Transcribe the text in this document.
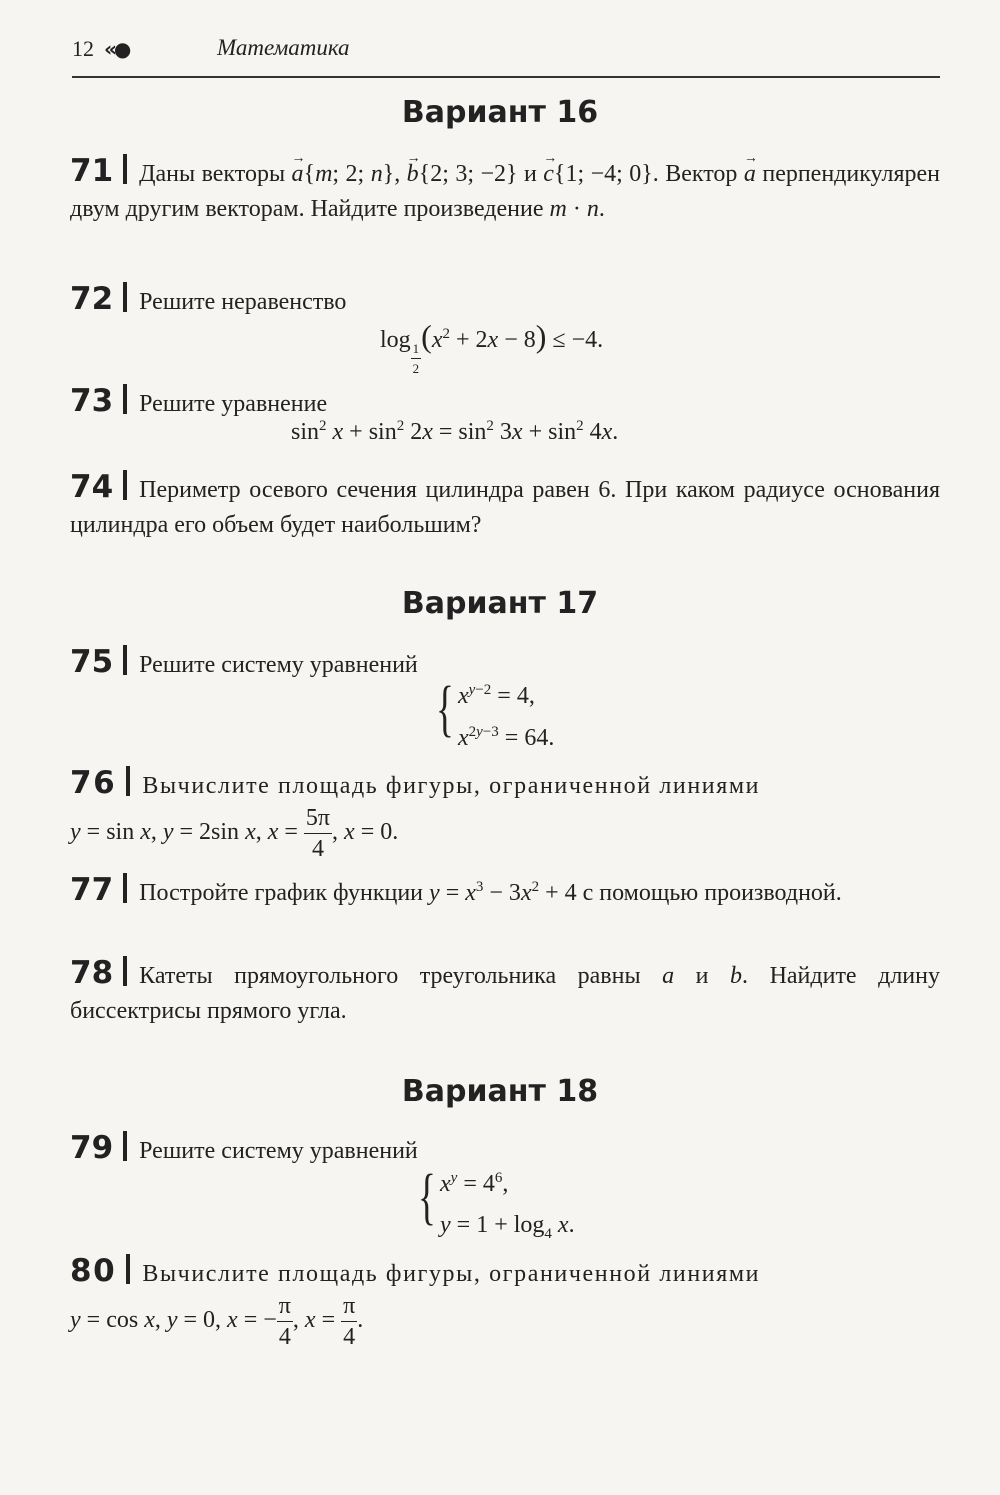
12 «●	Математика
Вариант 16
71 Даны векторы → a{m; 2; n}, → b{2; 3; −2} и → c{1; −4; 0}. Вектор → a перпендикулярен двум другим векторам. Найдите произведение m · n.
72 Решите неравенство
log
$_{\frac{1}{2}}$
$(x^2 + 2x - 8) \le -4$.
73 Решите уравнение
$\sin^2 x + \sin^2 2x = \sin^2 3x + \sin^2 4x$.
74 Периметр осевого сечения цилиндра равен 6. При каком радиусе основания цилиндра его объем будет наибольшим?
Вариант 17
75 Решите систему уравнений
{ $x^{y-2} = 4$,
$x^{2y-3} = 64$.
76 Вычислите площадь фигуры, ограниченной линиями
y = sin x, y = 2sin x, $x = \frac{5\pi}{4}$ , x = 0.
77 Постройте график функции $y = x^3 - 3x^2 + 4$ с помощью производной.
78 Катеты прямоугольного треугольника равны a и b. Найдите длину биссектрисы прямого угла.
Вариант 18
79 Решите систему уравнений
{ $x^y = 4^6$,
$y = 1 + \log_4 x$.
80 Вычислите площадь фигуры, ограниченной линиями
y = cos x, y = 0, x = − $\frac{\pi}{4}$ , $x = \frac{\pi}{4}$ .
